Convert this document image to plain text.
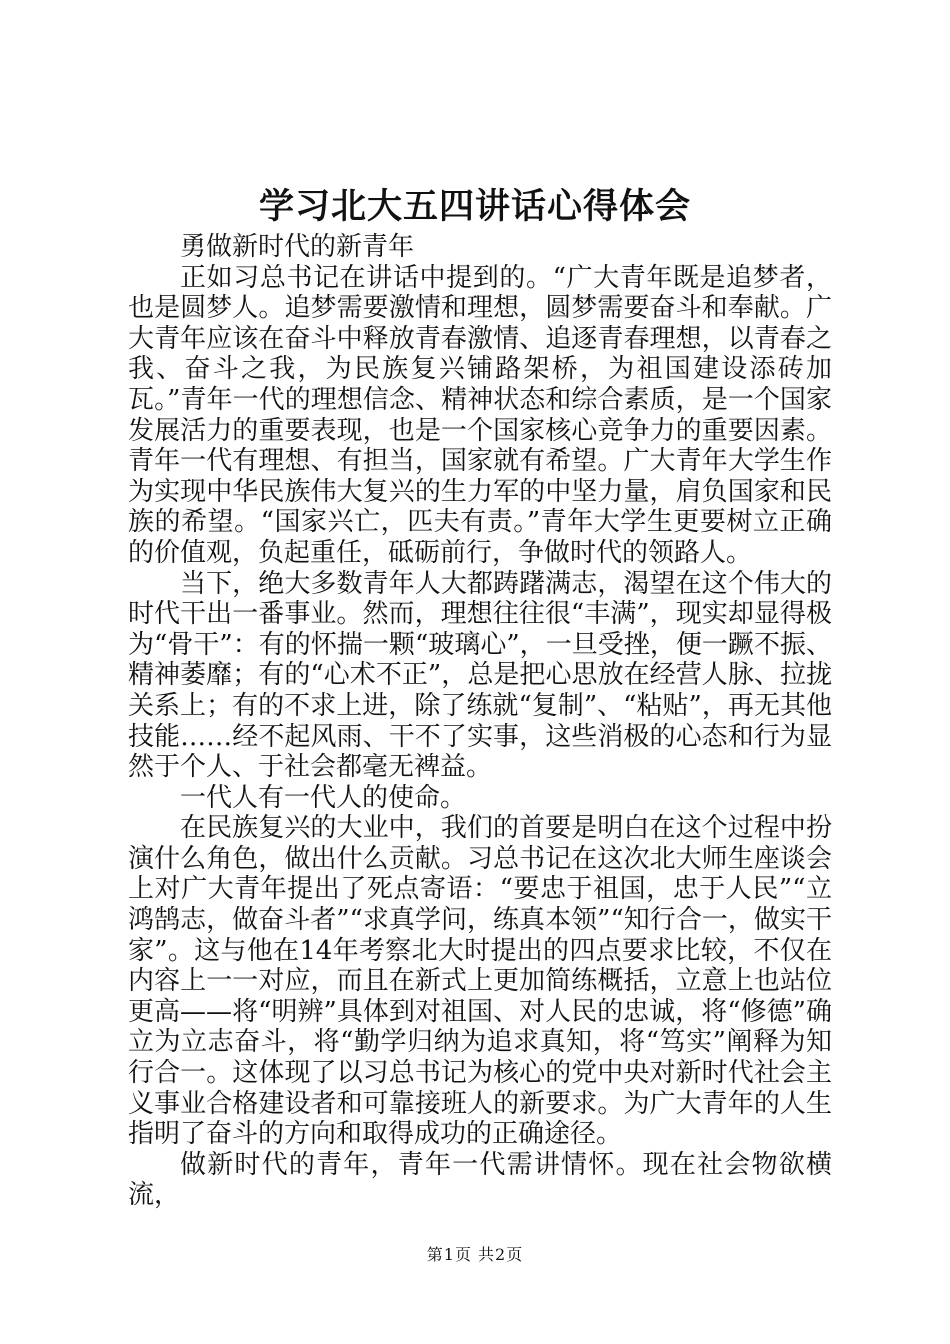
学习北大五四讲话心得体会

勇做新时代的新青年

正如习总书记在讲话中提到的。“广大青年既是追梦者，也是圆梦人。追梦需要激情和理想，圆梦需要奋斗和奉献。广大青年应该在奋斗中释放青春激情、追逐青春理想，以青春之我、奋斗之我，为民族复兴铺路架桥，为祖国建设添砖加瓦。”青年一代的理想信念、精神状态和综合素质，是一个国家发展活力的重要表现，也是一个国家核心竞争力的重要因素。青年一代有理想、有担当，国家就有希望。广大青年大学生作为实现中华民族伟大复兴的生力军的中坚力量，肩负国家和民族的希望。“国家兴亡，匹夫有责。”青年大学生更要树立正确的价值观，负起重任，砥砺前行，争做时代的领路人。

当下，绝大多数青年人大都踌躇满志，渴望在这个伟大的时代干出一番事业。然而，理想往往很“丰满”，现实却显得极为“骨干”：有的怀揣一颗“玻璃心”，一旦受挫，便一蹶不振、精神萎靡；有的“心术不正”，总是把心思放在经营人脉、拉拢关系上；有的不求上进，除了练就“复制”、“粘贴”，再无其他技能……经不起风雨、干不了实事，这些消极的心态和行为显然于个人、于社会都毫无裨益。

一代人有一代人的使命。

在民族复兴的大业中，我们的首要是明白在这个过程中扮演什么角色，做出什么贡献。习总书记在这次北大师生座谈会上对广大青年提出了死点寄语：“要忠于祖国，忠于人民”“立鸿鹄志，做奋斗者”“求真学问，练真本领”“知行合一，做实干家”。这与他在14年考察北大时提出的四点要求比较，不仅在内容上一一对应，而且在新式上更加简练概括，立意上也站位更高——将“明辨”具体到对祖国、对人民的忠诚，将“修德”确立为立志奋斗，将“勤学归纳为追求真知，将“笃实”阐释为知行合一。这体现了以习总书记为核心的党中央对新时代社会主义事业合格建设者和可靠接班人的新要求。为广大青年的人生指明了奋斗的方向和取得成功的正确途径。

做新时代的青年，青年一代需讲情怀。现在社会物欲横流，

第1页 共2页
